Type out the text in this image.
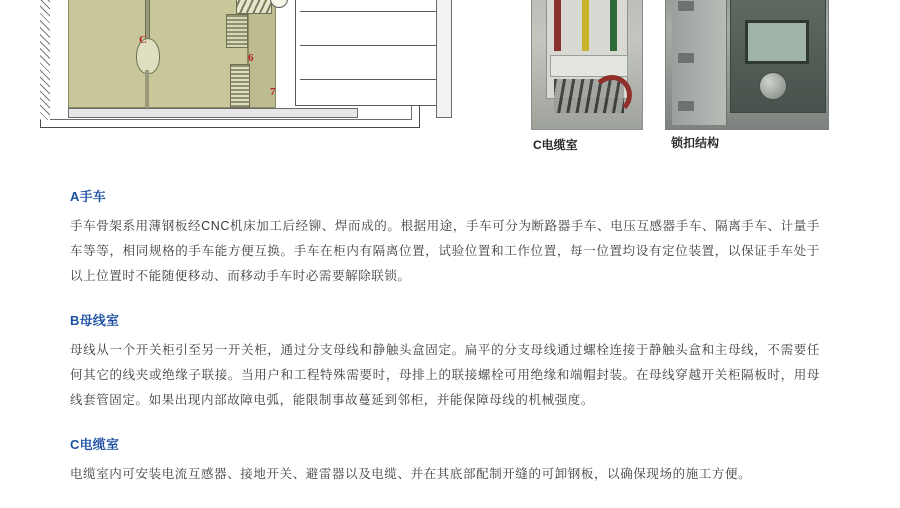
C
6
7
C电缆室	锁扣结构
A手车

手车骨架系用薄钢板经CNC机床加工后经铆、焊而成的。根据用途，手车可分为断路器手车、电压互感器手车、隔离手车、计量手车等等，相同规格的手车能方便互换。手车在柜内有隔离位置，试验位置和工作位置，每一位置均设有定位装置，以保证手车处于以上位置时不能随便移动、而移动手车时必需要解除联锁。

B母线室

母线从一个开关柜引至另一开关柜，通过分支母线和静触头盒固定。扁平的分支母线通过螺栓连接于静触头盒和主母线，不需要任何其它的线夹或绝缘子联接。当用户和工程特殊需要时，母排上的联接螺栓可用绝缘和端帽封装。在母线穿越开关柜隔板时，用母线套管固定。如果出现内部故障电弧，能限制事故蔓延到邻柜，并能保障母线的机械强度。

C电缆室

电缆室内可安装电流互感器、接地开关、避雷器以及电缆、并在其底部配制开缝的可卸钢板，以确保现场的施工方便。
